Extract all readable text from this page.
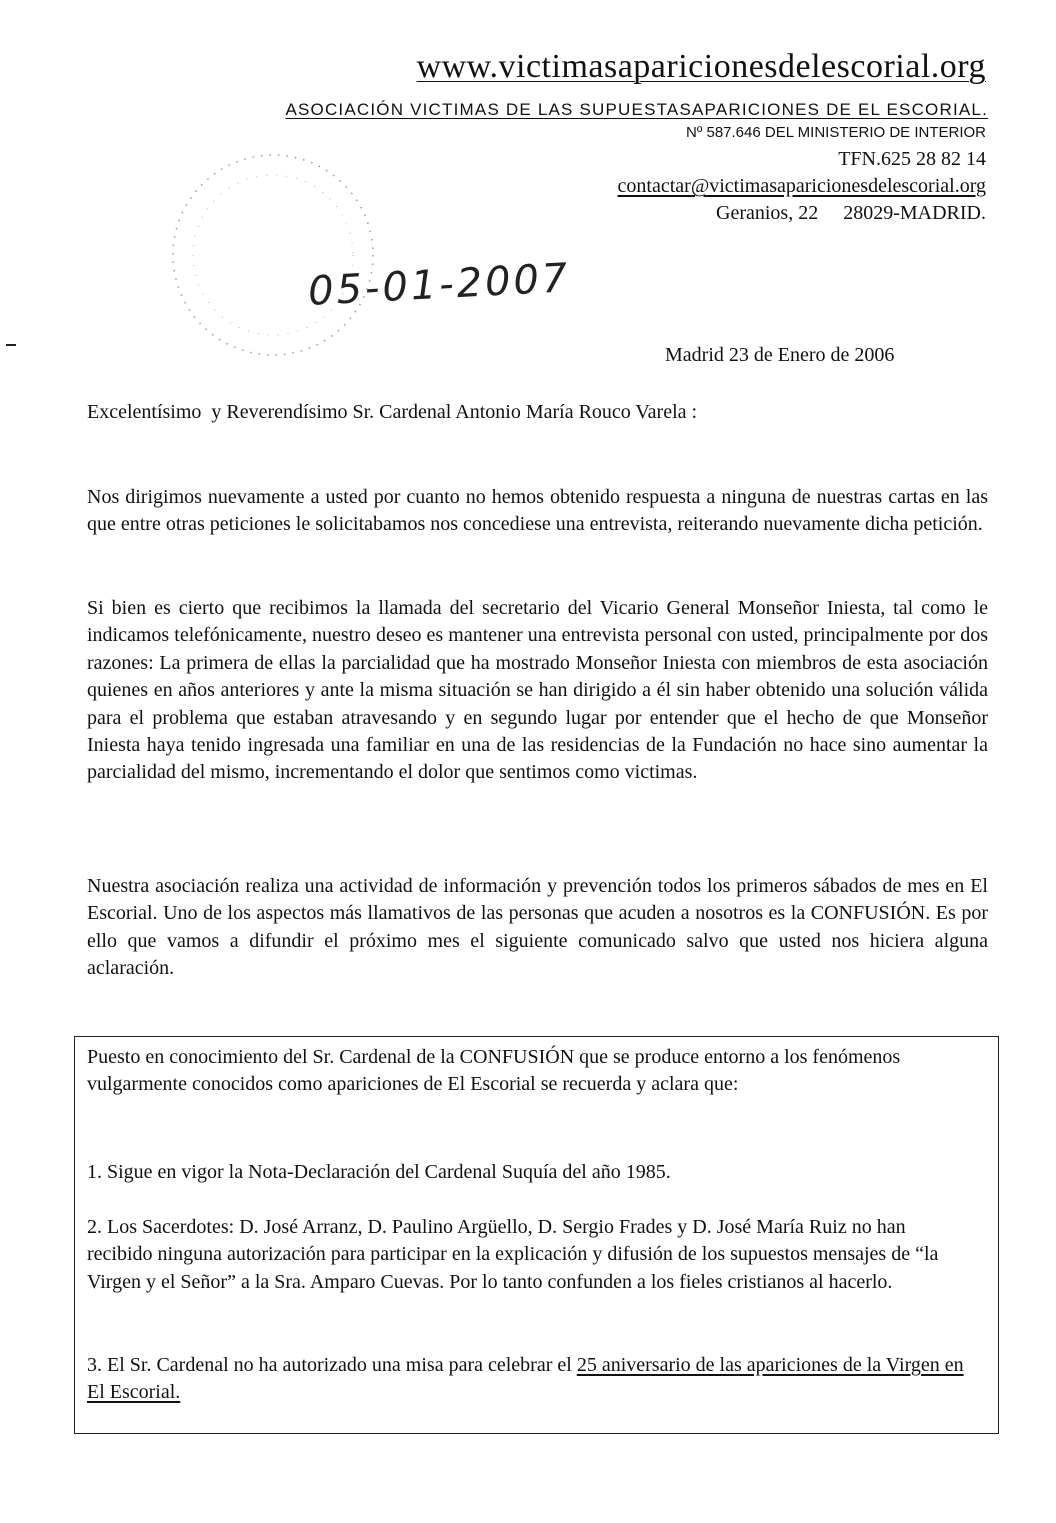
www.victimasaparicionesdelescorial.org
ASOCIACIÓN VICTIMAS DE LAS SUPUESTASAPARICIONES DE EL ESCORIAL.
Nº 587.646 DEL MINISTERIO DE INTERIOR
TFN.625 28 82 14
contactar@victimasaparicionesdelescorial.org
Geranios, 22     28029-MADRID.
05-01-2007
Madrid 23 de Enero de 2006
Excelentísimo  y Reverendísimo Sr. Cardenal Antonio María Rouco Varela :

Nos dirigimos nuevamente a usted por cuanto no hemos obtenido respuesta a ninguna de nuestras cartas en las que entre otras peticiones le solicitabamos nos concediese una entrevista, reiterando nuevamente dicha petición.

Si bien es cierto que recibimos la llamada del secretario del Vicario General Monseñor Iniesta, tal como le indicamos telefónicamente, nuestro deseo es mantener una entrevista personal con usted, principalmente por dos razones: La primera de ellas la parcialidad que ha mostrado Monseñor Iniesta con miembros de esta asociación quienes en años anteriores y ante la misma situación se han dirigido a él sin haber obtenido una solución válida para el problema que estaban atravesando y en segundo lugar por entender que el hecho de que Monseñor Iniesta haya tenido ingresada una familiar en una de las residencias de la Fundación no hace sino aumentar la parcialidad del mismo, incrementando el dolor que sentimos como victimas.

Nuestra asociación realiza una actividad de información y prevención todos los primeros sábados de mes en El Escorial. Uno de los aspectos más llamativos de las personas que acuden a nosotros es la CONFUSIÓN. Es por ello que vamos a difundir el próximo mes el siguiente comunicado salvo que usted nos hiciera alguna aclaración.

Puesto en conocimiento del Sr. Cardenal de la CONFUSIÓN que se produce entorno a los fenómenos vulgarmente conocidos como apariciones de El Escorial se recuerda y aclara que:

1. Sigue en vigor la Nota-Declaración del Cardenal Suquía del año 1985.

2. Los Sacerdotes: D. José Arranz, D. Paulino Argüello, D. Sergio Frades y D. José María Ruiz no han recibido ninguna autorización para participar en la explicación y difusión de los supuestos mensajes de “la Virgen y el Señor” a la Sra. Amparo Cuevas. Por lo tanto confunden a los fieles cristianos al hacerlo.

3. El Sr. Cardenal no ha autorizado una misa para celebrar el 25 aniversario de las apariciones de la Virgen en El Escorial.
